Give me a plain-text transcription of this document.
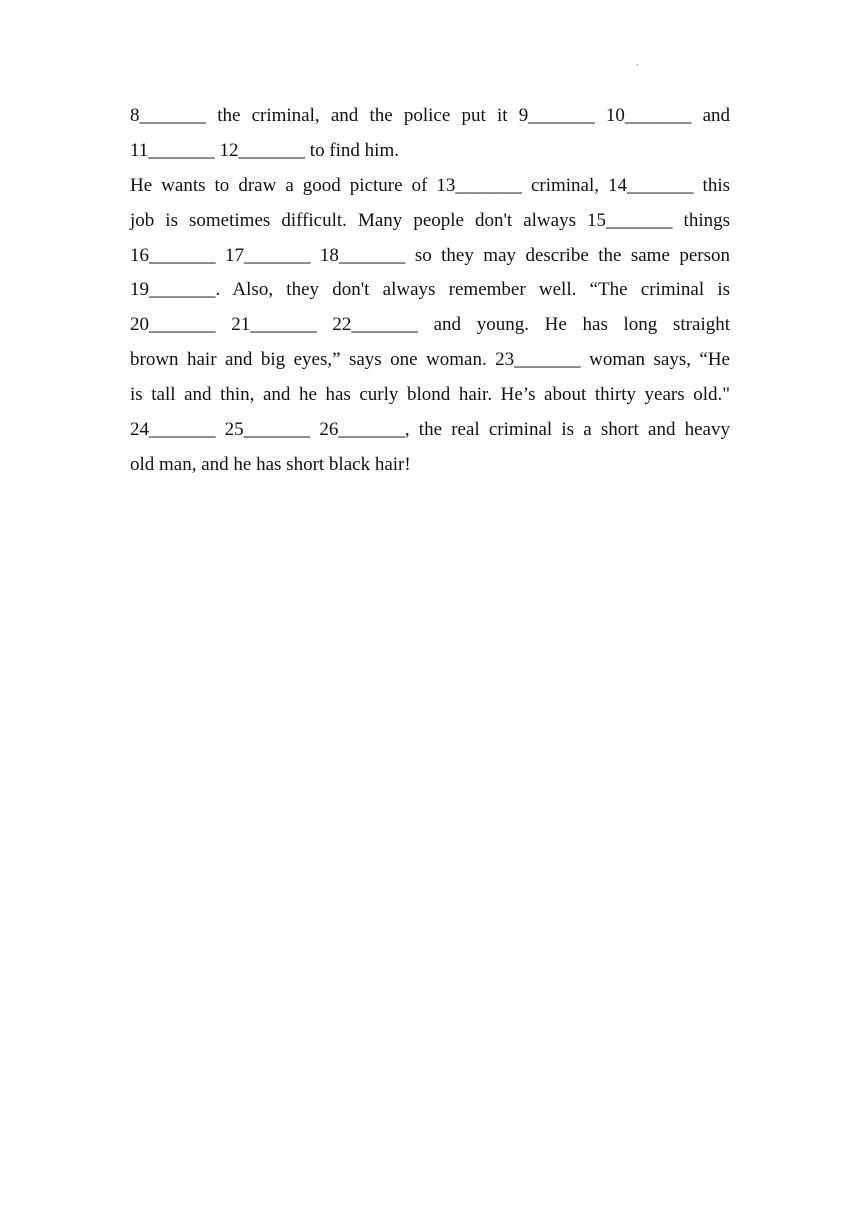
.
8_______ the criminal, and the police put it 9_______ 10_______ and
11_______ 12_______ to find him.
He wants to draw a good picture of 13_______ criminal, 14_______ this
job is sometimes difficult. Many people don't always 15_______ things
16_______ 17_______ 18_______ so they may describe the same person
19_______. Also, they don't always remember well. “The criminal is
20_______ 21_______ 22_______ and young. He has long straight
brown hair and big eyes,” says one woman. 23_______ woman says, “He
is tall and thin, and he has curly blond hair. He’s about thirty years old."
24_______ 25_______ 26_______, the real criminal is a short and heavy
old man, and he has short black hair!
